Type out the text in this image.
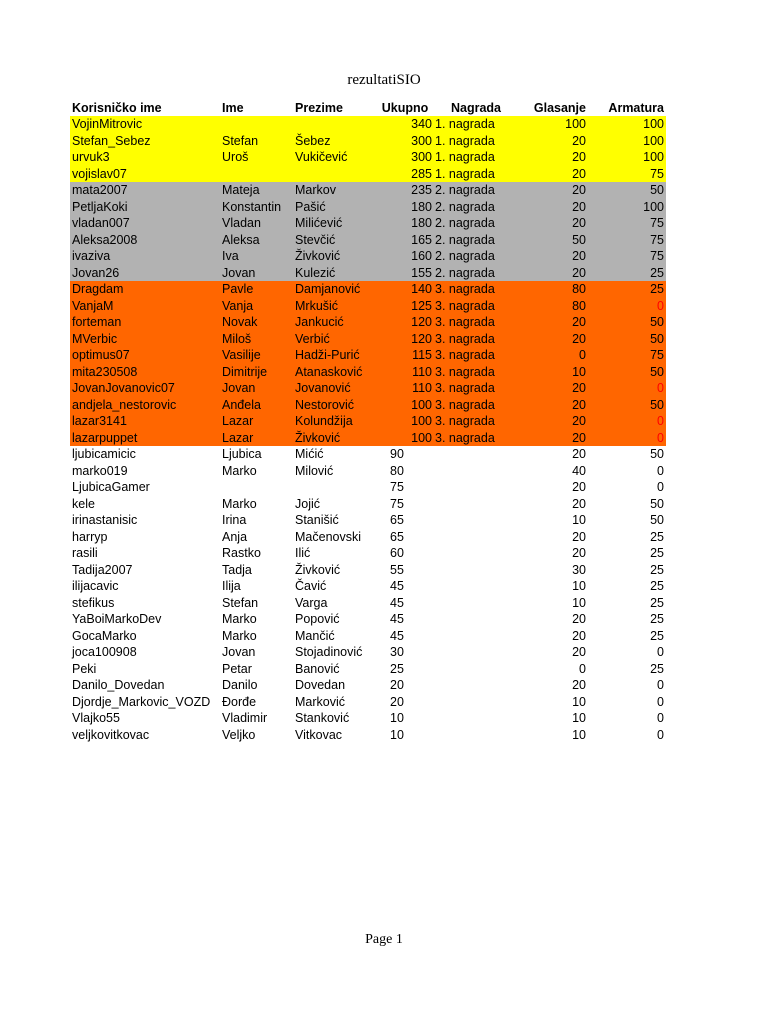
rezultatiSIO
Korisničko ime	Ime	Prezime	Ukupno	Nagrada	Glasanje	Armatura
VojinMitrovic			340	1. nagrada	100	100
Stefan_Sebez	Stefan	Šebez	300	1. nagrada	20	100
urvuk3	Uroš	Vukičević	300	1. nagrada	20	100
vojislav07			285	1. nagrada	20	75
mata2007	Mateja	Markov	235	2. nagrada	20	50
PetljaKoki	Konstantin	Pašić	180	2. nagrada	20	100
vladan007	Vladan	Milićević	180	2. nagrada	20	75
Aleksa2008	Aleksa	Stevčić	165	2. nagrada	50	75
ivaziva	Iva	Živković	160	2. nagrada	20	75
Jovan26	Jovan	Kulezić	155	2. nagrada	20	25
Dragdam	Pavle	Damjanović	140	3. nagrada	80	25
VanjaM	Vanja	Mrkušić	125	3. nagrada	80	0
forteman	Novak	Jankucić	120	3. nagrada	20	50
MVerbic	Miloš	Verbić	120	3. nagrada	20	50
optimus07	Vasilije	Hadži-Purić	115	3. nagrada	0	75
mita230508	Dimitrije	Atanasković	110	3. nagrada	10	50
JovanJovanovic07	Jovan	Jovanović	110	3. nagrada	20	0
andjela_nestorovic	Anđela	Nestorović	100	3. nagrada	20	50
lazar3141	Lazar	Kolundžija	100	3. nagrada	20	0
lazarpuppet	Lazar	Živković	100	3. nagrada	20	0
ljubicamicic	Ljubica	Mićić	90		20	50
marko019	Marko	Milović	80		40	0
LjubicaGamer			75		20	0
kele	Marko	Jojić	75		20	50
irinastanisic	Irina	Stanišić	65		10	50
harryp	Anja	Mačenovski	65		20	25
rasili	Rastko	Ilić	60		20	25
Tadija2007	Tadja	Živković	55		30	25
ilijacavic	Ilija	Čavić	45		10	25
stefikus	Stefan	Varga	45		10	25
YaBoiMarkoDev	Marko	Popović	45		20	25
GocaMarko	Marko	Mančić	45		20	25
joca100908	Jovan	Stojadinović	30		20	0
Peki	Petar	Banović	25		0	25
Danilo_Dovedan	Danilo	Dovedan	20		20	0
Djordje_Markovic_VOZD	Đorđe	Marković	20		10	0
Vlajko55	Vladimir	Stanković	10		10	0
veljkovitkovac	Veljko	Vitkovac	10		10	0
Page 1
